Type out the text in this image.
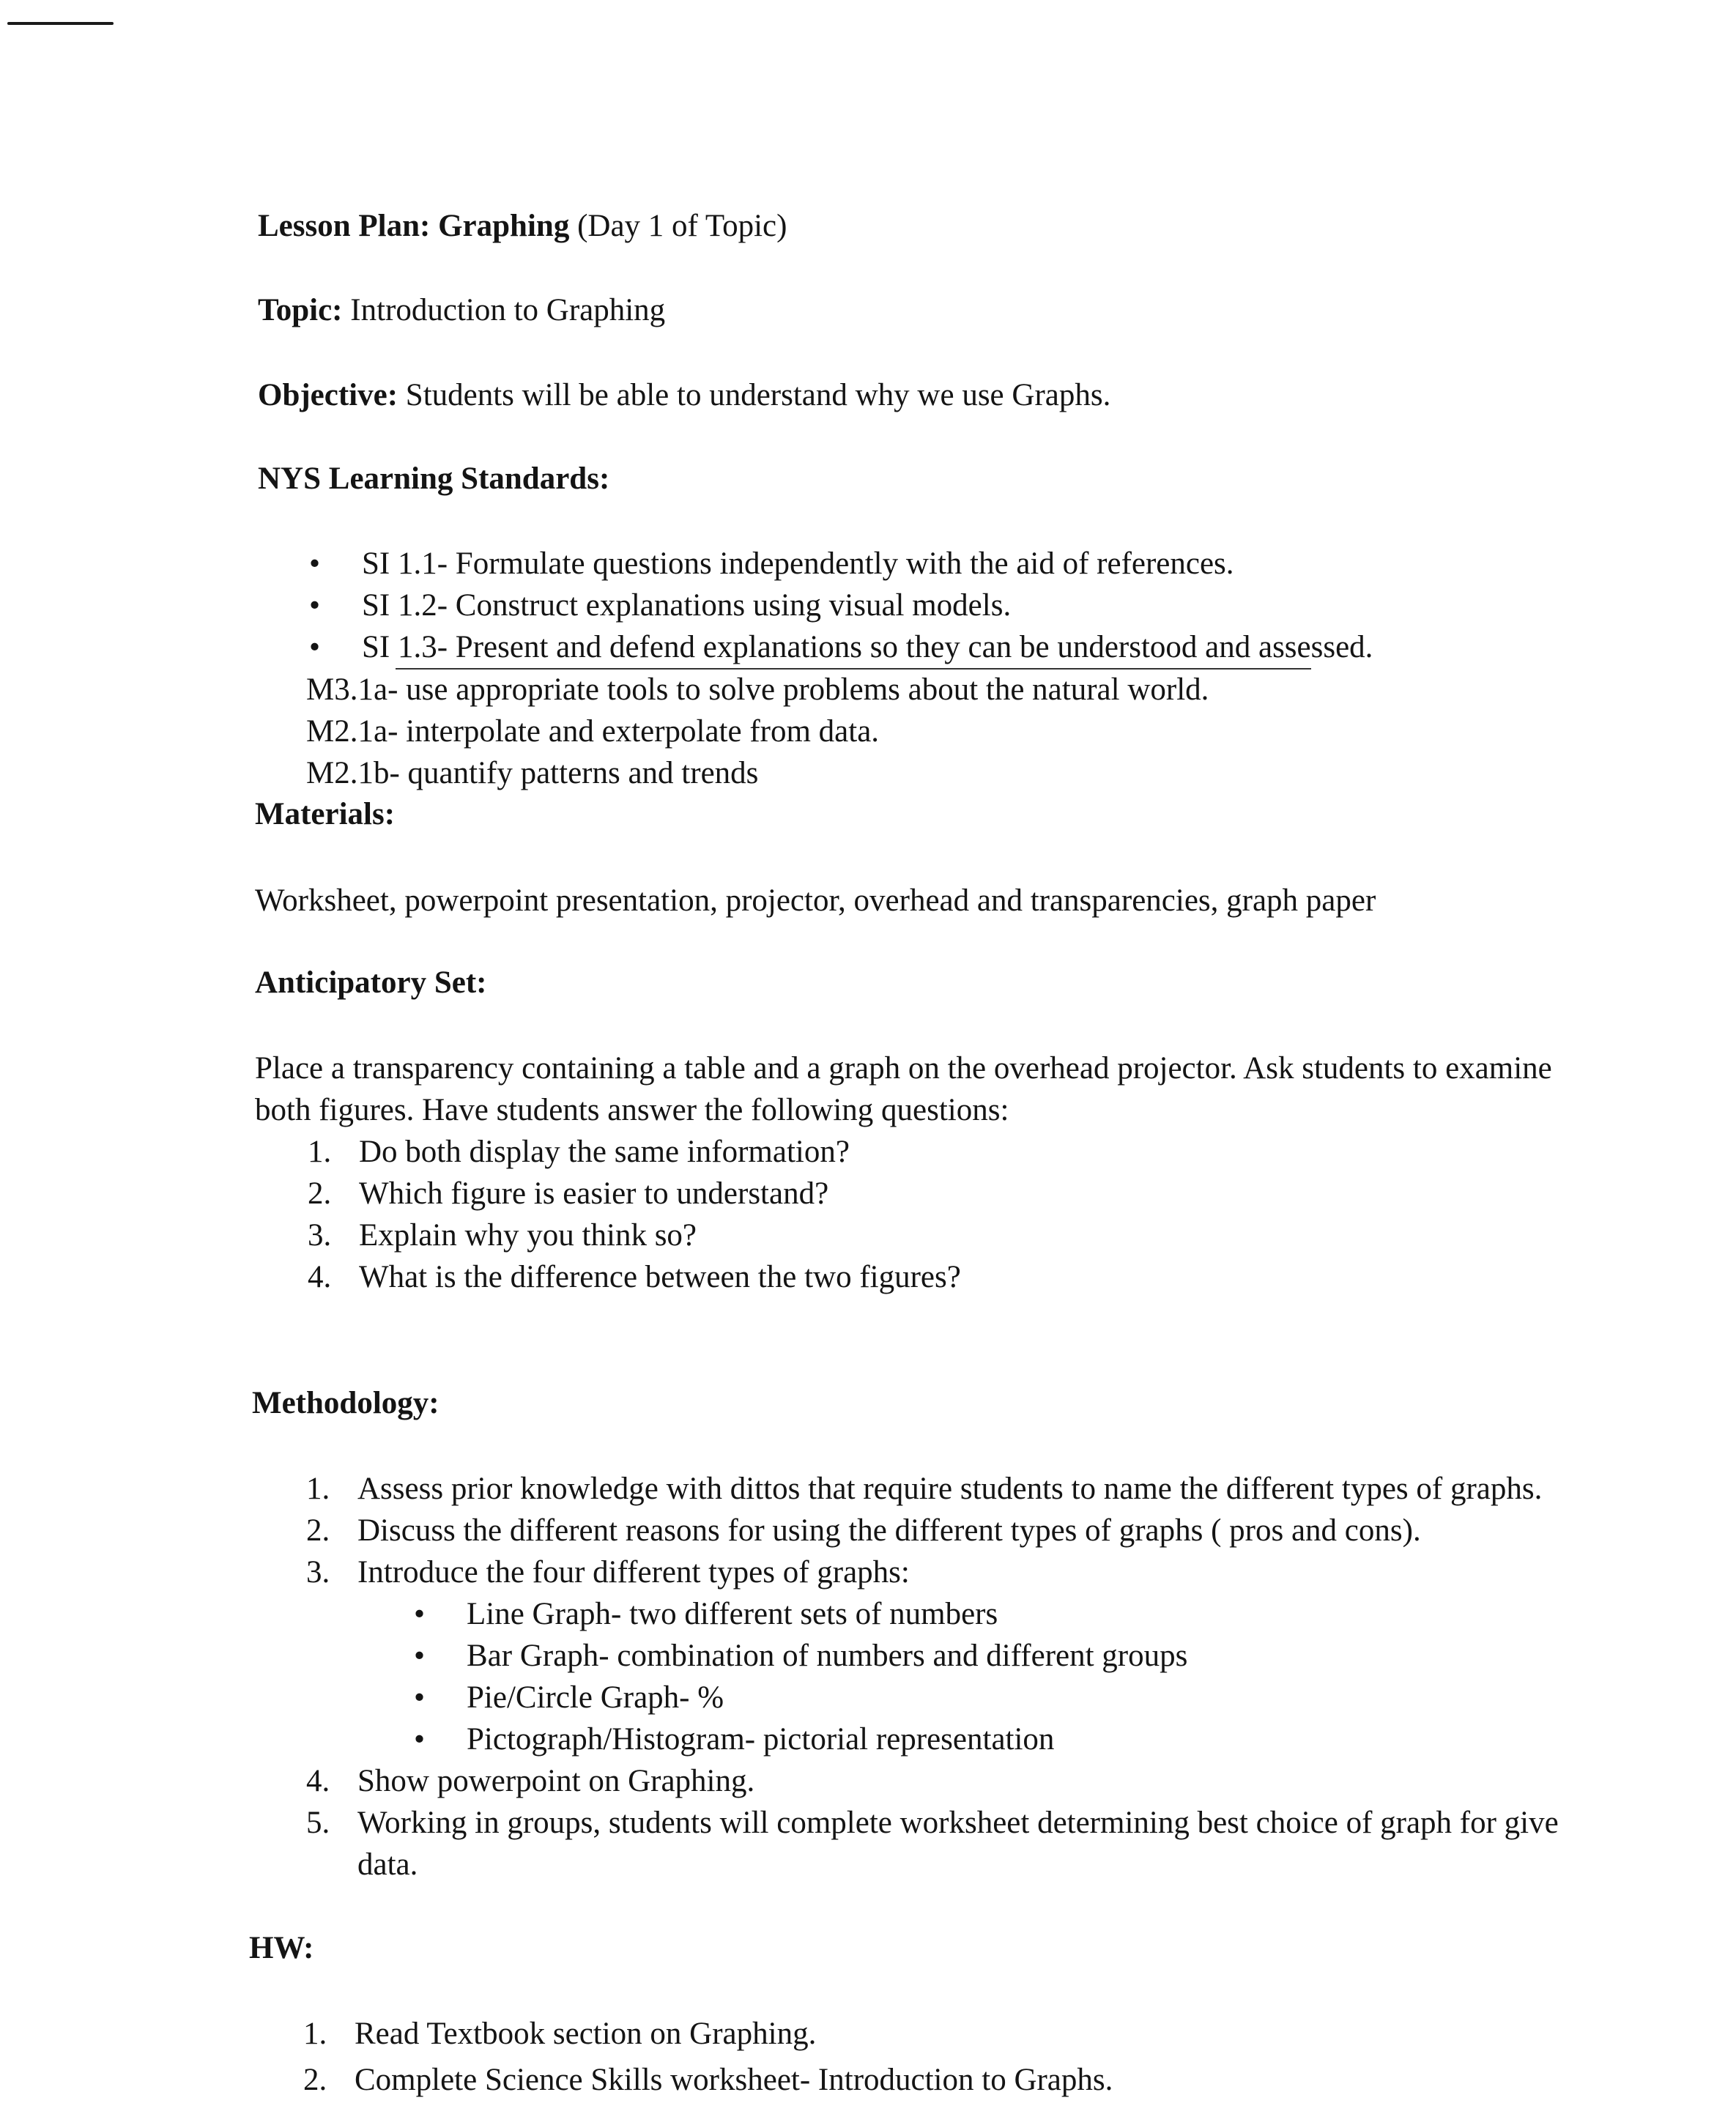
Lesson Plan: Graphing (Day 1 of Topic)
Topic: Introduction to Graphing
Objective: Students will be able to understand why we use Graphs.
NYS Learning Standards:
• SI 1.1- Formulate questions independently with the aid of references.
• SI 1.2- Construct explanations using visual models.
• SI 1.3- Present and defend explanations so they can be understood and assessed.
M3.1a- use appropriate tools to solve problems about the natural world.
M2.1a- interpolate and exterpolate from data.
M2.1b- quantify patterns and trends
Materials:
Worksheet, powerpoint presentation, projector, overhead and transparencies, graph paper
Anticipatory Set:
Place a transparency containing a table and a graph on the overhead projector. Ask students to examine
both figures. Have students answer the following questions:
1. Do both display the same information?
2. Which figure is easier to understand?
3. Explain why you think so?
4. What is the difference between the two figures?
Methodology:
1. Assess prior knowledge with dittos that require students to name the different types of graphs.
2. Discuss the different reasons for using the different types of graphs ( pros and cons).
3. Introduce the four different types of graphs:
• Line Graph- two different sets of numbers
• Bar Graph- combination of numbers and different groups
• Pie/Circle Graph- %
• Pictograph/Histogram- pictorial representation
4. Show powerpoint on Graphing.
5. Working in groups, students will complete worksheet determining best choice of graph for give
data.
HW:
1. Read Textbook section on Graphing.
2. Complete Science Skills worksheet- Introduction to Graphs.
